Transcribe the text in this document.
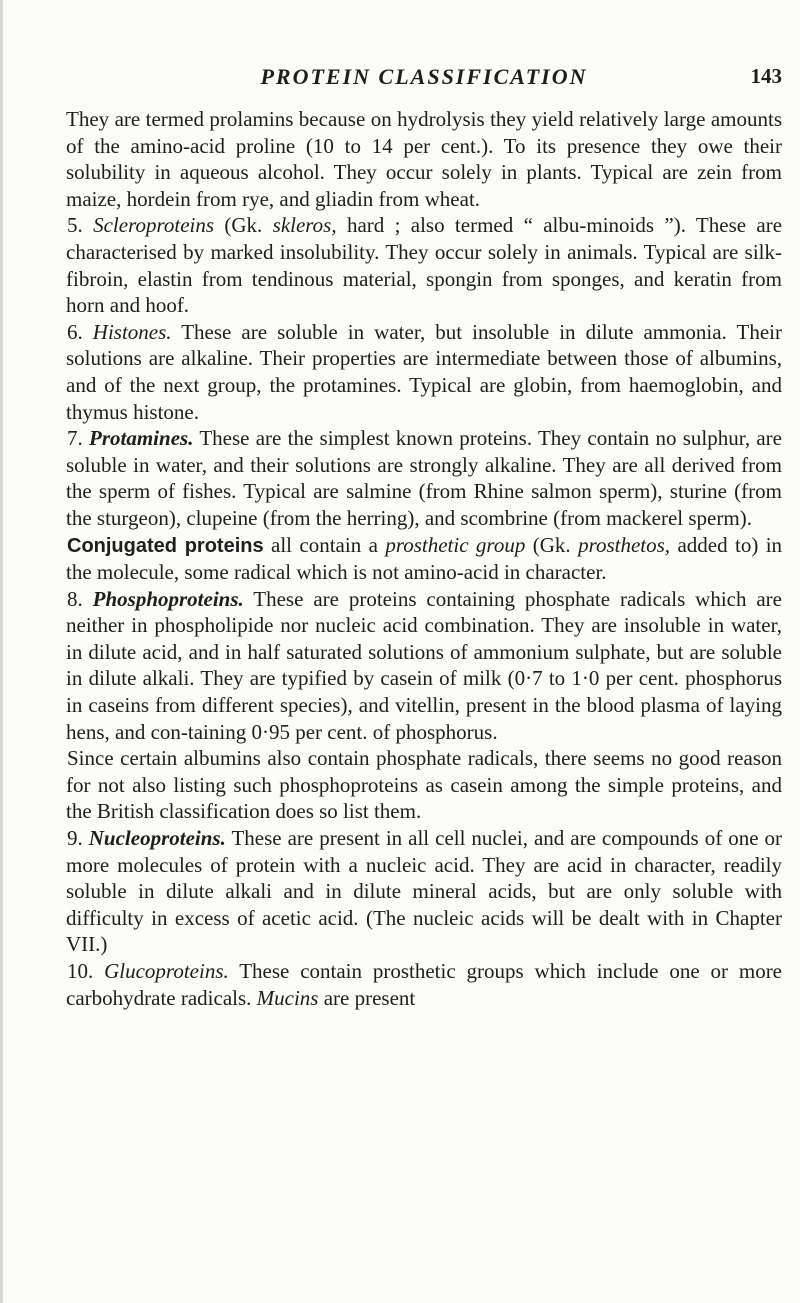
PROTEIN CLASSIFICATION	143

They are termed prolamins because on hydrolysis they yield relatively large amounts of the amino-acid proline (10 to 14 per cent.). To its presence they owe their solubility in aqueous alcohol. They occur solely in plants. Typical are zein from maize, hordein from rye, and gliadin from wheat.

5. Scleroproteins (Gk. skleros, hard ; also termed “ albu-minoids ”). These are characterised by marked insolubility. They occur solely in animals. Typical are silk-fibroin, elastin from tendinous material, spongin from sponges, and keratin from horn and hoof.

6. Histones. These are soluble in water, but insoluble in dilute ammonia. Their solutions are alkaline. Their properties are intermediate between those of albumins, and of the next group, the protamines. Typical are globin, from haemoglobin, and thymus histone.

7. Protamines. These are the simplest known proteins. They contain no sulphur, are soluble in water, and their solutions are strongly alkaline. They are all derived from the sperm of fishes. Typical are salmine (from Rhine salmon sperm), sturine (from the sturgeon), clupeine (from the herring), and scombrine (from mackerel sperm).

Conjugated proteins all contain a prosthetic group (Gk. prosthetos, added to) in the molecule, some radical which is not amino-acid in character.

8. Phosphoproteins. These are proteins containing phosphate radicals which are neither in phospholipide nor nucleic acid combination. They are insoluble in water, in dilute acid, and in half saturated solutions of ammonium sulphate, but are soluble in dilute alkali. They are typified by casein of milk (0·7 to 1·0 per cent. phosphorus in caseins from different species), and vitellin, present in the blood plasma of laying hens, and con-taining 0·95 per cent. of phosphorus.

Since certain albumins also contain phosphate radicals, there seems no good reason for not also listing such phosphoproteins as casein among the simple proteins, and the British classification does so list them.

9. Nucleoproteins. These are present in all cell nuclei, and are compounds of one or more molecules of protein with a nucleic acid. They are acid in character, readily soluble in dilute alkali and in dilute mineral acids, but are only soluble with difficulty in excess of acetic acid. (The nucleic acids will be dealt with in Chapter VII.)

10. Glucoproteins. These contain prosthetic groups which include one or more carbohydrate radicals. Mucins are present
